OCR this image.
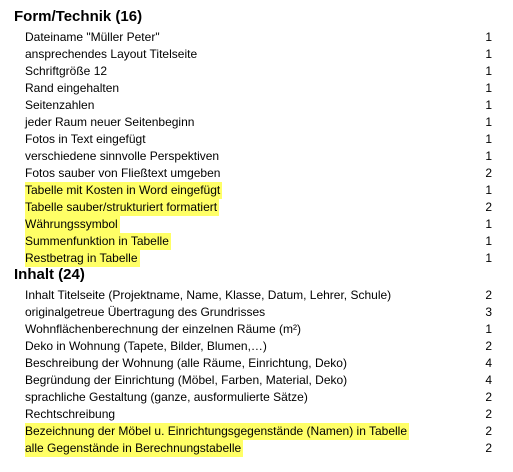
Form/Technik (16)
Dateiname "Müller Peter"	1
ansprechendes Layout Titelseite	1
Schriftgröße 12	1
Rand eingehalten	1
Seitenzahlen	1
jeder Raum neuer Seitenbeginn	1
Fotos in Text eingefügt	1
verschiedene sinnvolle Perspektiven	1
Fotos sauber von Fließtext umgeben	2
Tabelle mit Kosten in Word eingefügt	1
Tabelle sauber/strukturiert formatiert	2
Währungssymbol	1
Summenfunktion in Tabelle	1
Restbetrag in Tabelle	1
Inhalt (24)
Inhalt Titelseite (Projektname, Name, Klasse, Datum, Lehrer, Schule)	2
originalgetreue Übertragung des Grundrisses	3
Wohnflächenberechnung der einzelnen Räume (m²)	1
Deko in Wohnung (Tapete, Bilder, Blumen,…)	2
Beschreibung der Wohnung (alle Räume, Einrichtung, Deko)	4
Begründung der Einrichtung (Möbel, Farben, Material, Deko)	4
sprachliche Gestaltung (ganze, ausformulierte Sätze)	2
Rechtschreibung	2
Bezeichnung der Möbel u. Einrichtungsgegenstände (Namen) in Tabelle	2
alle Gegenstände in Berechnungstabelle	2
